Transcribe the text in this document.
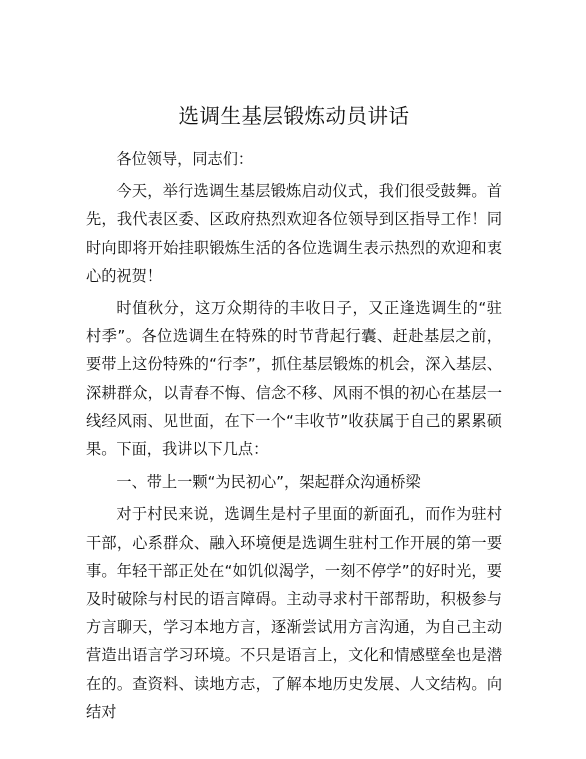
选调生基层锻炼动员讲话

各位领导，同志们：

今天，举行选调生基层锻炼启动仪式，我们很受鼓舞。首先，我代表区委、区政府热烈欢迎各位领导到区指导工作！同时向即将开始挂职锻炼生活的各位选调生表示热烈的欢迎和衷心的祝贺！

时值秋分，这万众期待的丰收日子，又正逢选调生的“驻村季”。各位选调生在特殊的时节背起行囊、赶赴基层之前，要带上这份特殊的“行李”，抓住基层锻炼的机会，深入基层、深耕群众，以青春不悔、信念不移、风雨不惧的初心在基层一线经风雨、见世面，在下一个“丰收节”收获属于自己的累累硕果。下面，我讲以下几点：

一、带上一颗“为民初心”，架起群众沟通桥梁

对于村民来说，选调生是村子里面的新面孔，而作为驻村干部，心系群众、融入环境便是选调生驻村工作开展的第一要事。年轻干部正处在“如饥似渴学，一刻不停学”的好时光，要及时破除与村民的语言障碍。主动寻求村干部帮助，积极参与方言聊天，学习本地方言，逐渐尝试用方言沟通，为自己主动营造出语言学习环境。不只是语言上，文化和情感壁垒也是潜在的。查资料、读地方志，了解本地历史发展、人文结构。向结对
